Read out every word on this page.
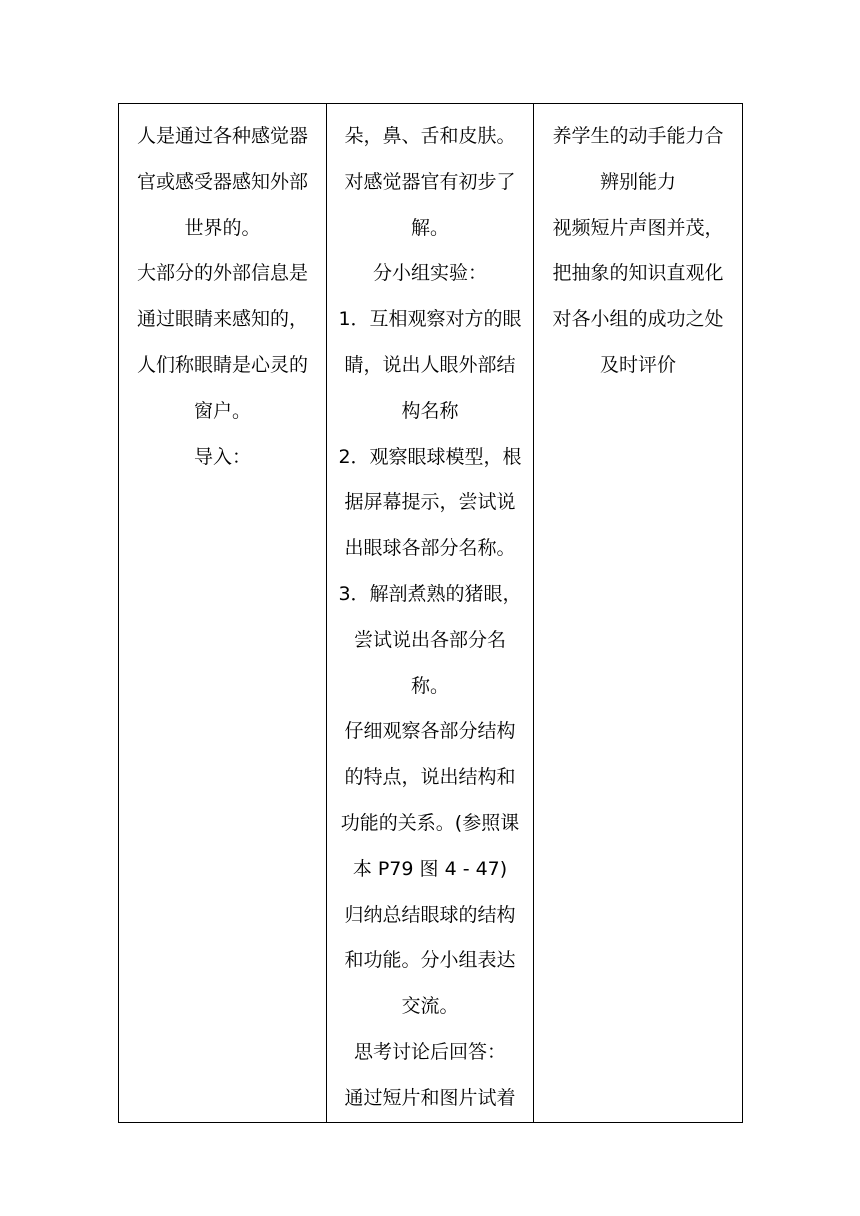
人是通过各种感觉器
官或感受器感知外部
世界的。
大部分的外部信息是
通过眼睛来感知的，
人们称眼睛是心灵的
窗户。
导入：

朵，鼻、舌和皮肤。
对感觉器官有初步了
解。
分小组实验：
1．互相观察对方的眼
睛，说出人眼外部结
构名称
2．观察眼球模型，根
据屏幕提示，尝试说
出眼球各部分名称。
3．解剖煮熟的猪眼，
尝试说出各部分名
称。
仔细观察各部分结构
的特点，说出结构和
功能的关系。(参照课
本 P79 图 4 - 47)
归纳总结眼球的结构
和功能。分小组表达
交流。
思考讨论后回答：
通过短片和图片试着

养学生的动手能力合
辨别能力
视频短片声图并茂，
把抽象的知识直观化
对各小组的成功之处
及时评价
